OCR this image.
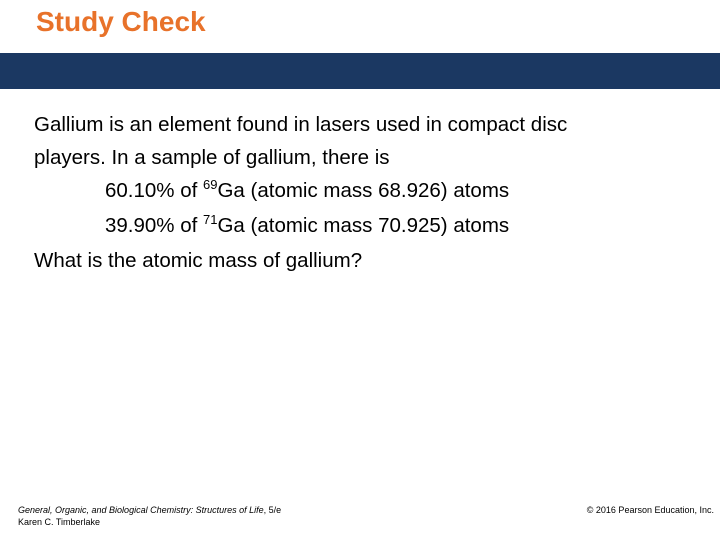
Study Check
Gallium is an element found in lasers used in compact disc
players. In a sample of gallium, there is
60.10% of $^{69}$Ga (atomic mass 68.926) atoms
39.90% of $^{71}$Ga (atomic mass 70.925) atoms
What is the atomic mass of gallium?
General, Organic, and Biological Chemistry: Structures of Life, 5/e
Karen C. Timberlake
© 2016 Pearson Education, Inc.
